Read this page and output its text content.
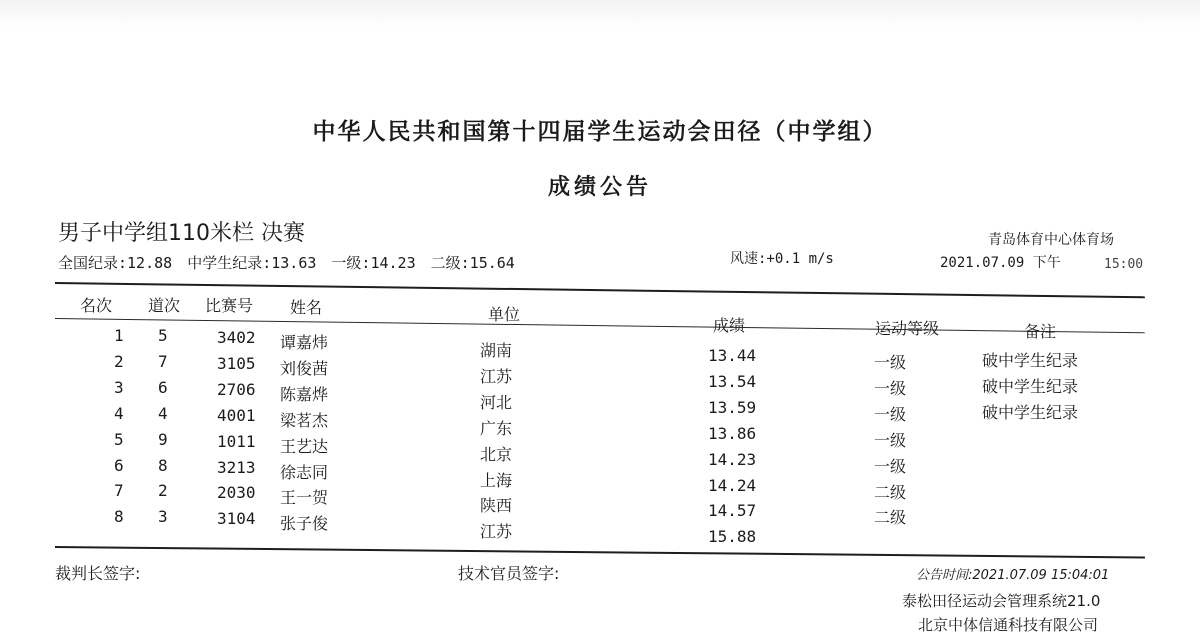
中华人民共和国第十四届学生运动会田径（中学组）
成绩公告
男子中学组110米栏 决赛
全国纪录:12.88 中学生纪录:13.63 一级:14.23 二级:15.64	风速:+0.1 m/s
青岛体育中心体育场
2021.07.09 下午	15:00
名次 道次 比赛号 姓名	单位
成绩	运动等级	备注
1 5	3402 谭嘉炜	湖南	13.44	一级	破中学生纪录
2 7	3105 刘俊茜	江苏	13.54	一级	破中学生纪录
3 6	2706 陈嘉烨	河北	13.59	一级	破中学生纪录
4 4	4001 梁茗杰	广东	13.86	一级
5 9	1011 王艺达	北京	14.23	一级
6 8	3213 徐志同	上海	14.24	二级
7 2	2030 王一贺	陕西	14.57	二级
8 3	3104 张子俊	江苏	15.88
裁判长签字:	技术官员签字:	公告时间:2021.07.09 15:04:01
泰松田径运动会管理系统21.0
北京中体信通科技有限公司
